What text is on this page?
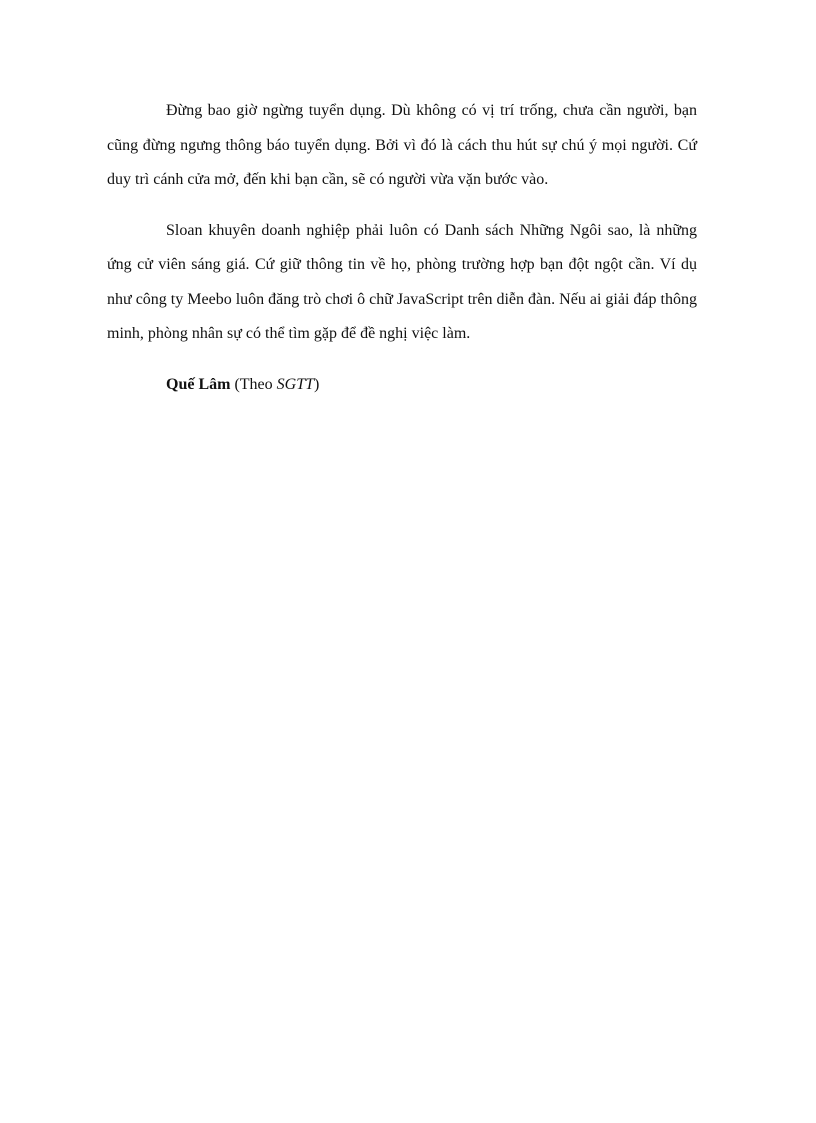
Đừng bao giờ ngừng tuyển dụng. Dù không có vị trí trống, chưa cần người, bạn cũng đừng ngưng thông báo tuyển dụng. Bởi vì đó là cách thu hút sự chú ý mọi người. Cứ duy trì cánh cửa mở, đến khi bạn cần, sẽ có người vừa vặn bước vào.

Sloan khuyên doanh nghiệp phải luôn có Danh sách Những Ngôi sao, là những ứng cử viên sáng giá. Cứ giữ thông tin về họ, phòng trường hợp bạn đột ngột cần. Ví dụ như công ty Meebo luôn đăng trò chơi ô chữ JavaScript trên diễn đàn. Nếu ai giải đáp thông minh, phòng nhân sự có thể tìm gặp để đề nghị việc làm.

Quế Lâm (Theo SGTT)
